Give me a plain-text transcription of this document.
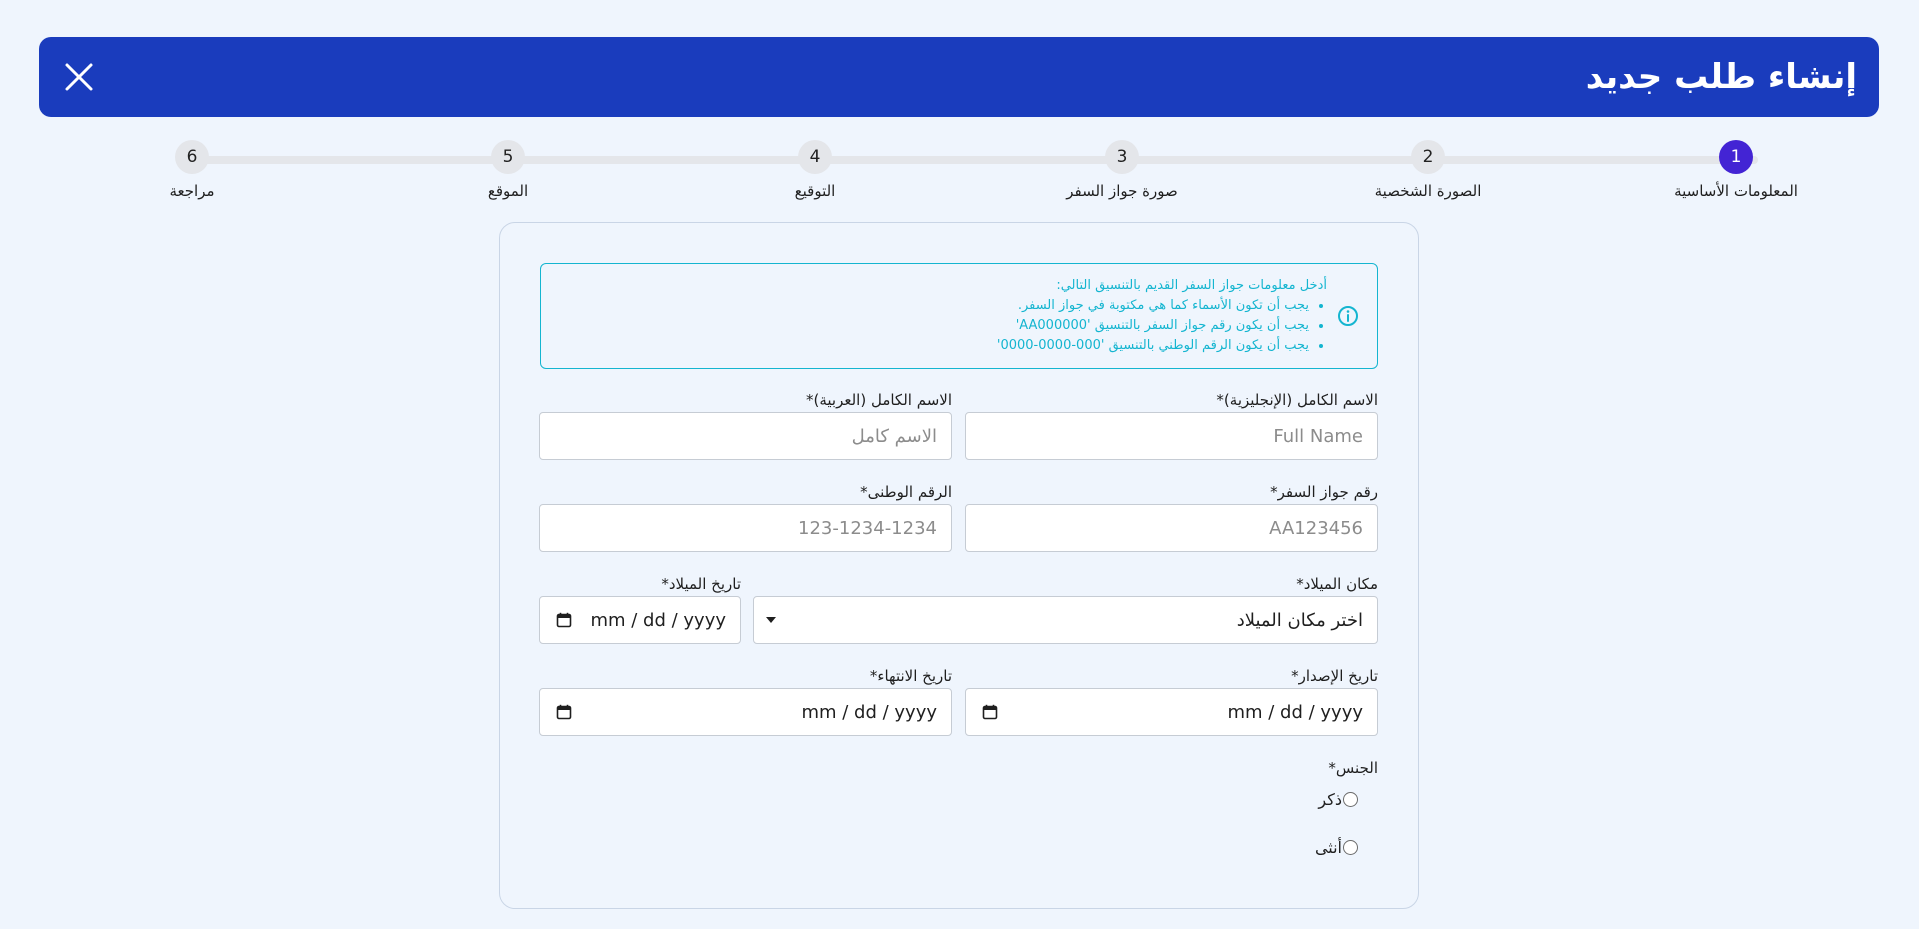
إنشاء طلب جديد
1
المعلومات الأساسية
2
الصورة الشخصية
3
صورة جواز السفر
4
التوقيع
5
الموقع
6
مراجعة
أدخل معلومات جواز السفر القديم بالتنسيق التالي:
• يجب أن تكون الأسماء كما هي مكتوبة في جواز السفر.
• يجب أن يكون رقم جواز السفر بالتنسيق 'AA000000'
• يجب أن يكون الرقم الوطني بالتنسيق '000-0000-0000'
الاسم الكامل (الإنجليزية)*
Full Name
الاسم الكامل (العربية)*
الاسم كامل
رقم جواز السفر*
AA123456
الرقم الوطنى*
123-1234-1234
مكان الميلاد*
اختر مكان الميلاد
تاريخ الميلاد*
mm / dd / yyyy
تاريخ الإصدار*
mm / dd / yyyy
تاريخ الانتهاء*
mm / dd / yyyy
الجنس*
ذكر
أنثى
